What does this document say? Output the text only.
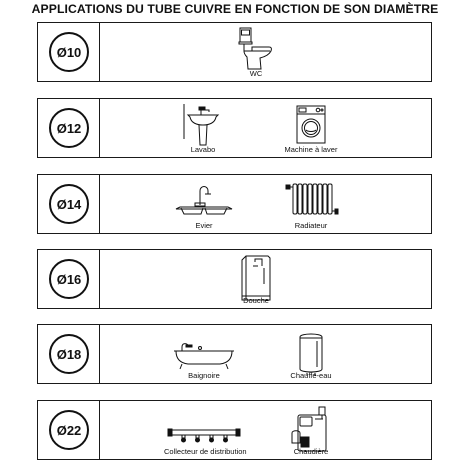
APPLICATIONS DU TUBE CUIVRE EN FONCTION DE SON DIAMÈTRE
Ø10
WC
Ø12
Lavabo	Machine à laver
Ø14
Evier	Radiateur
Ø16
Douche
Ø18
Baignoire	Chauffe-eau
Ø22
Collecteur de distribution	Chaudière
